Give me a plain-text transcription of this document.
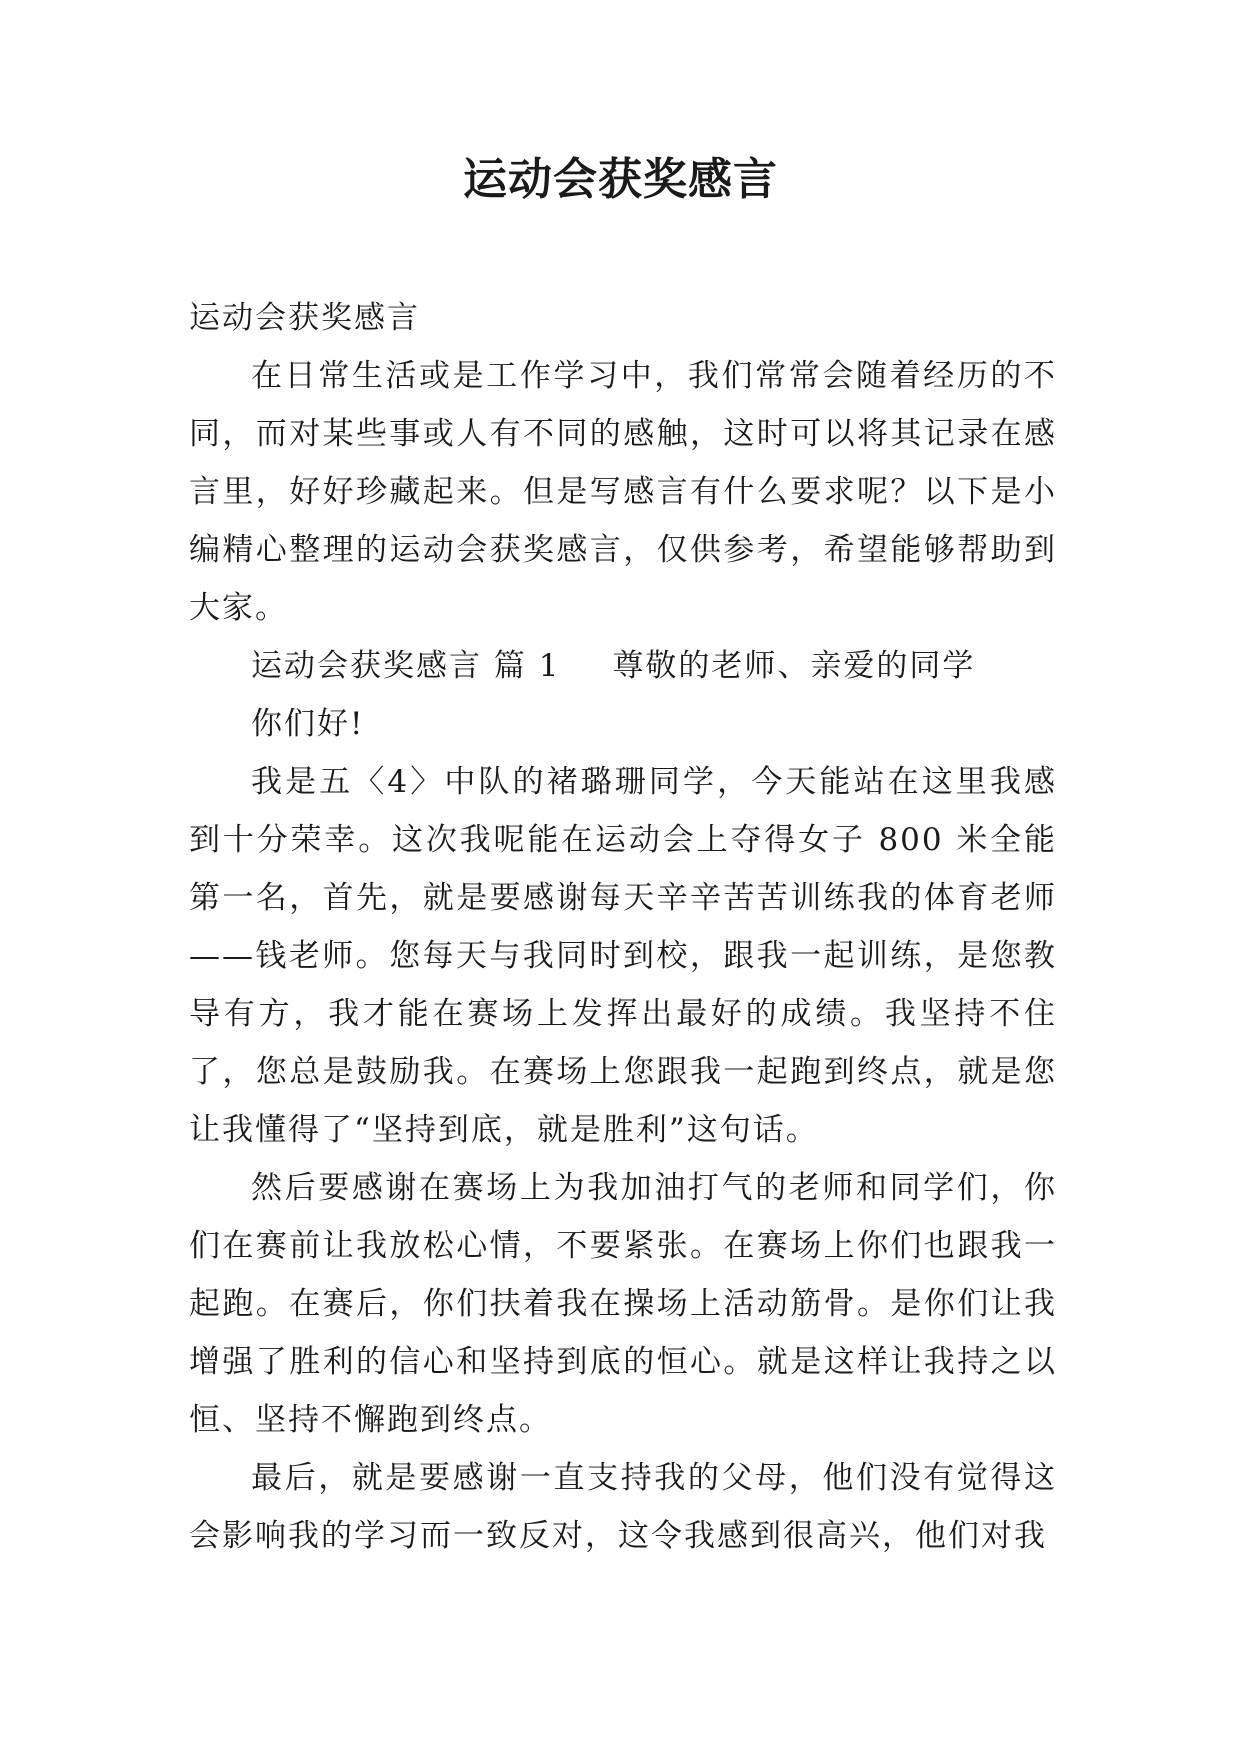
运动会获奖感言

运动会获奖感言

在日常生活或是工作学习中，我们常常会随着经历的不同，而对某些事或人有不同的感触，这时可以将其记录在感言里，好好珍藏起来。但是写感言有什么要求呢？以下是小编精心整理的运动会获奖感言，仅供参考，希望能够帮助到大家。

运动会获奖感言 篇 1 尊敬的老师、亲爱的同学

你们好!

我是五〈4〉中队的褚璐珊同学，今天能站在这里我感到十分荣幸。这次我呢能在运动会上夺得女子 800 米全能第一名，首先，就是要感谢每天辛辛苦苦训练我的体育老师——钱老师。您每天与我同时到校，跟我一起训练，是您教导有方，我才能在赛场上发挥出最好的成绩。我坚持不住了，您总是鼓励我。在赛场上您跟我一起跑到终点，就是您让我懂得了“坚持到底，就是胜利”这句话。

然后要感谢在赛场上为我加油打气的老师和同学们，你们在赛前让我放松心情，不要紧张。在赛场上你们也跟我一起跑。在赛后，你们扶着我在操场上活动筋骨。是你们让我增强了胜利的信心和坚持到底的恒心。就是这样让我持之以恒、坚持不懈跑到终点。

最后，就是要感谢一直支持我的父母，他们没有觉得这会影响我的学习而一致反对，这令我感到很高兴，他们对我
